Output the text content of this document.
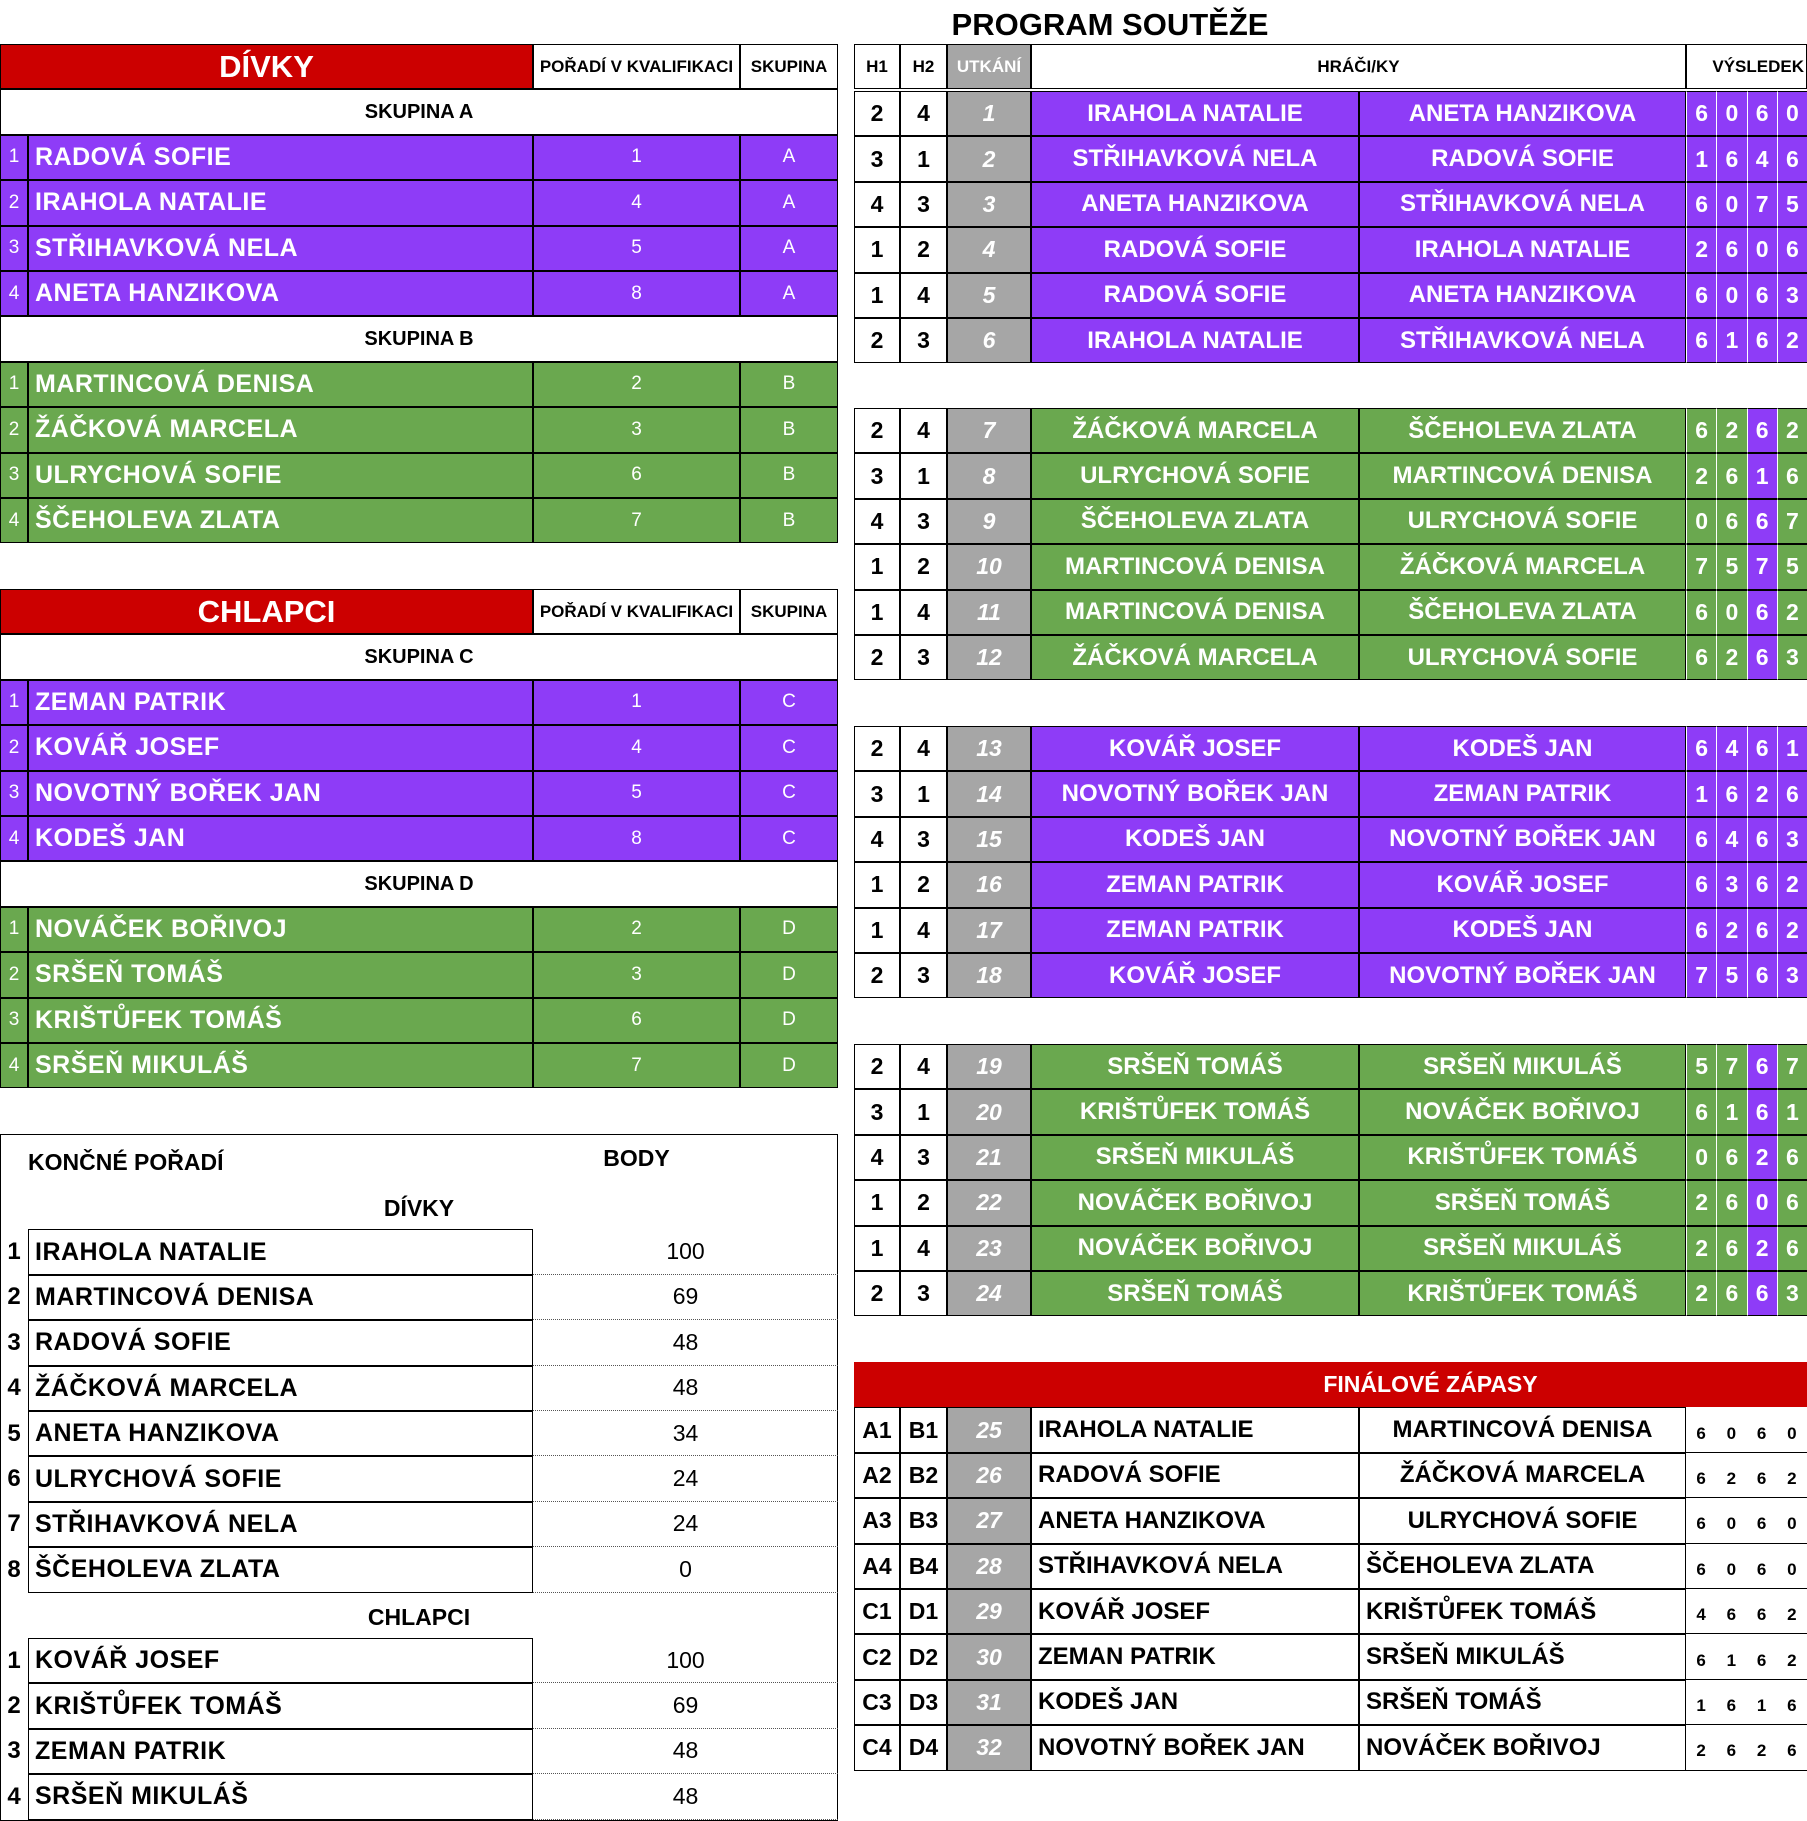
PROGRAM SOUTĚŽE
DÍVKY	POŘADÍ V KVALIFIKACI	SKUPINA
SKUPINA A
1 RADOVÁ SOFIE	1	A
2 IRAHOLA NATALIE	4	A
3 STŘIHAVKOVÁ NELA	5	A
4 ANETA HANZIKOVA	8	A
SKUPINA B
1 MARTINCOVÁ DENISA	2	B
2 ŽÁČKOVÁ MARCELA	3	B
3 ULRYCHOVÁ SOFIE	6	B
4 ŠČEHOLEVA ZLATA	7	B
CHLAPCI	POŘADÍ V KVALIFIKACI	SKUPINA
SKUPINA C
1 ZEMAN PATRIK	1	C
2 KOVÁŘ JOSEF	4	C
3 NOVOTNÝ BOŘEK JAN	5	C
4 KODEŠ JAN	8	C
SKUPINA D
1 NOVÁČEK BOŘIVOJ	2	D
2 SRŠEŇ TOMÁŠ	3	D
3 KRIŠTŮFEK TOMÁŠ	6	D
4 SRŠEŇ MIKULÁŠ	7	D
KONČNÉ POŘADÍ	BODY
DÍVKY
1 IRAHOLA NATALIE	100
2 MARTINCOVÁ DENISA	69
3 RADOVÁ SOFIE	48
4 ŽÁČKOVÁ MARCELA	48
5 ANETA HANZIKOVA	34
6 ULRYCHOVÁ SOFIE	24
7 STŘIHAVKOVÁ NELA	24
8 ŠČEHOLEVA ZLATA	0
CHLAPCI
1 KOVÁŘ JOSEF	100
2 KRIŠTŮFEK TOMÁŠ	69
3 ZEMAN PATRIK	48
4 SRŠEŇ MIKULÁŠ	48
H1	H2	UTKÁNÍ	HRÁČI/KY	VÝSLEDEK
2	4	1	IRAHOLA NATALIE	ANETA HANZIKOVA	6 0 6 0
3	1	2	STŘIHAVKOVÁ NELA	RADOVÁ SOFIE	1 6 4 6
4	3	3	ANETA HANZIKOVA	STŘIHAVKOVÁ NELA	6 0 7 5
1	2	4	RADOVÁ SOFIE	IRAHOLA NATALIE	2 6 0 6
1	4	5	RADOVÁ SOFIE	ANETA HANZIKOVA	6 0 6 3
2	3	6	IRAHOLA NATALIE	STŘIHAVKOVÁ NELA	6 1 6 2
2	4	7	ŽÁČKOVÁ MARCELA	ŠČEHOLEVA ZLATA	6 2 6 2
3	1	8	ULRYCHOVÁ SOFIE	MARTINCOVÁ DENISA	2 6 1 6
4	3	9	ŠČEHOLEVA ZLATA	ULRYCHOVÁ SOFIE	0 6 6 7
1	2	10	MARTINCOVÁ DENISA	ŽÁČKOVÁ MARCELA	7 5 7 5
1	4	11	MARTINCOVÁ DENISA	ŠČEHOLEVA ZLATA	6 0 6 2
2	3	12	ŽÁČKOVÁ MARCELA	ULRYCHOVÁ SOFIE	6 2 6 3
2	4	13	KOVÁŘ JOSEF	KODEŠ JAN	6 4 6 1
3	1	14	NOVOTNÝ BOŘEK JAN	ZEMAN PATRIK	1 6 2 6
4	3	15	KODEŠ JAN	NOVOTNÝ BOŘEK JAN	6 4 6 3
1	2	16	ZEMAN PATRIK	KOVÁŘ JOSEF	6 3 6 2
1	4	17	ZEMAN PATRIK	KODEŠ JAN	6 2 6 2
2	3	18	KOVÁŘ JOSEF	NOVOTNÝ BOŘEK JAN	7 5 6 3
2	4	19	SRŠEŇ TOMÁŠ	SRŠEŇ MIKULÁŠ	5 7 6 7
3	1	20	KRIŠTŮFEK TOMÁŠ	NOVÁČEK BOŘIVOJ	6 1 6 1
4	3	21	SRŠEŇ MIKULÁŠ	KRIŠTŮFEK TOMÁŠ	0 6 2 6
1	2	22	NOVÁČEK BOŘIVOJ	SRŠEŇ TOMÁŠ	2 6 0 6
1	4	23	NOVÁČEK BOŘIVOJ	SRŠEŇ MIKULÁŠ	2 6 2 6
2	3	24	SRŠEŇ TOMÁŠ	KRIŠTŮFEK TOMÁŠ	2 6 6 3
FINÁLOVÉ ZÁPASY
A1 B1	25	IRAHOLA NATALIE	MARTINCOVÁ DENISA	6	0	6	0
A2 B2	26	RADOVÁ SOFIE	ŽÁČKOVÁ MARCELA	6	2	6	2
A3 B3	27	ANETA HANZIKOVA	ULRYCHOVÁ SOFIE	6	0	6	0
A4 B4	28	STŘIHAVKOVÁ NELA	ŠČEHOLEVA ZLATA	6	0	6	0
C1 D1	29	KOVÁŘ JOSEF	KRIŠTŮFEK TOMÁŠ	4	6	6	2
C2 D2	30	ZEMAN PATRIK	SRŠEŇ MIKULÁŠ	6	1	6	2
C3 D3	31	KODEŠ JAN	SRŠEŇ TOMÁŠ	1	6	1	6
C4 D4	32	NOVOTNÝ BOŘEK JAN	NOVÁČEK BOŘIVOJ	2	6	2	6
